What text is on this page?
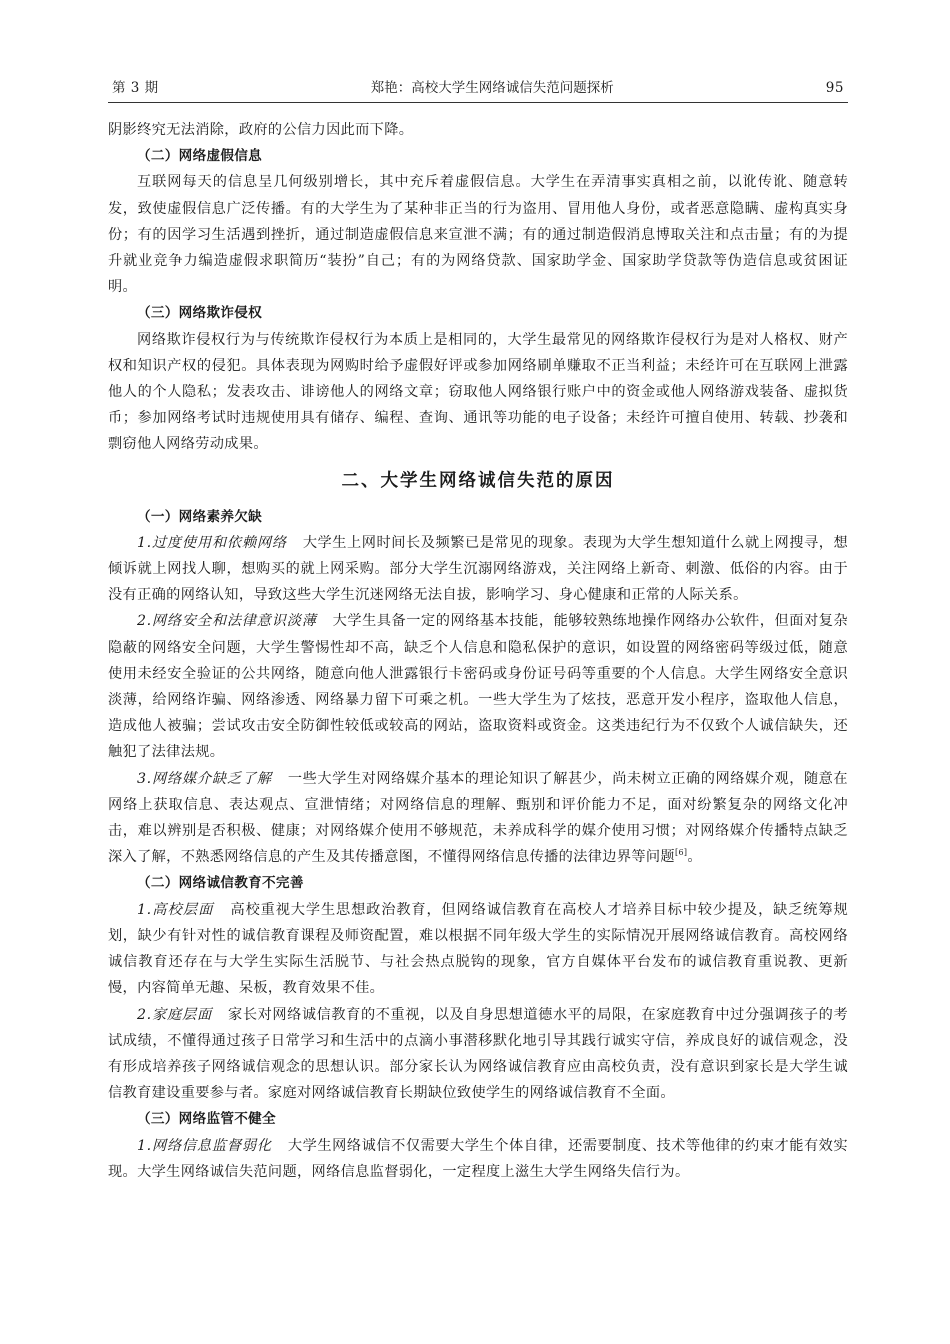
第 3 期	郑艳：高校大学生网络诚信失范问题探析	95

阴影终究无法消除，政府的公信力因此而下降。

（二）网络虚假信息

互联网每天的信息呈几何级别增长，其中充斥着虚假信息。大学生在弄清事实真相之前，以讹传讹、随意转发，致使虚假信息广泛传播。有的大学生为了某种非正当的行为盗用、冒用他人身份，或者恶意隐瞒、虚构真实身份；有的因学习生活遇到挫折，通过制造虚假信息来宣泄不满；有的通过制造假消息博取关注和点击量；有的为提升就业竞争力编造虚假求职简历“装扮”自己；有的为网络贷款、国家助学金、国家助学贷款等伪造信息或贫困证明。

（三）网络欺诈侵权

网络欺诈侵权行为与传统欺诈侵权行为本质上是相同的，大学生最常见的网络欺诈侵权行为是对人格权、财产权和知识产权的侵犯。具体表现为网购时给予虚假好评或参加网络刷单赚取不正当利益；未经许可在互联网上泄露他人的个人隐私；发表攻击、诽谤他人的网络文章；窃取他人网络银行账户中的资金或他人网络游戏装备、虚拟货币；参加网络考试时违规使用具有储存、编程、查询、通讯等功能的电子设备；未经许可擅自使用、转载、抄袭和剽窃他人网络劳动成果。

二、大学生网络诚信失范的原因
（一）网络素养欠缺

1.过度使用和依赖网络 大学生上网时间长及频繁已是常见的现象。表现为大学生想知道什么就上网搜寻，想倾诉就上网找人聊，想购买的就上网采购。部分大学生沉溺网络游戏，关注网络上新奇、刺激、低俗的内容。由于没有正确的网络认知，导致这些大学生沉迷网络无法自拔，影响学习、身心健康和正常的人际关系。

2.网络安全和法律意识淡薄 大学生具备一定的网络基本技能，能够较熟练地操作网络办公软件，但面对复杂隐蔽的网络安全问题，大学生警惕性却不高，缺乏个人信息和隐私保护的意识，如设置的网络密码等级过低，随意使用未经安全验证的公共网络，随意向他人泄露银行卡密码或身份证号码等重要的个人信息。大学生网络安全意识淡薄，给网络诈骗、网络渗透、网络暴力留下可乘之机。一些大学生为了炫技，恶意开发小程序，盗取他人信息，造成他人被骗；尝试攻击安全防御性较低或较高的网站，盗取资料或资金。这类违纪行为不仅致个人诚信缺失，还触犯了法律法规。

3.网络媒介缺乏了解 一些大学生对网络媒介基本的理论知识了解甚少，尚未树立正确的网络媒介观，随意在网络上获取信息、表达观点、宣泄情绪；对网络信息的理解、甄别和评价能力不足，面对纷繁复杂的网络文化冲击，难以辨别是否积极、健康；对网络媒介使用不够规范，未养成科学的媒介使用习惯；对网络媒介传播特点缺乏深入了解，不熟悉网络信息的产生及其传播意图，不懂得网络信息传播的法律边界等问题[6]。

（二）网络诚信教育不完善

1.高校层面 高校重视大学生思想政治教育，但网络诚信教育在高校人才培养目标中较少提及，缺乏统筹规划，缺少有针对性的诚信教育课程及师资配置，难以根据不同年级大学生的实际情况开展网络诚信教育。高校网络诚信教育还存在与大学生实际生活脱节、与社会热点脱钩的现象，官方自媒体平台发布的诚信教育重说教、更新慢，内容简单无趣、呆板，教育效果不佳。

2.家庭层面 家长对网络诚信教育的不重视，以及自身思想道德水平的局限，在家庭教育中过分强调孩子的考试成绩，不懂得通过孩子日常学习和生活中的点滴小事潜移默化地引导其践行诚实守信，养成良好的诚信观念，没有形成培养孩子网络诚信观念的思想认识。部分家长认为网络诚信教育应由高校负责，没有意识到家长是大学生诚信教育建设重要参与者。家庭对网络诚信教育长期缺位致使学生的网络诚信教育不全面。

（三）网络监管不健全

1.网络信息监督弱化 大学生网络诚信不仅需要大学生个体自律，还需要制度、技术等他律的约束才能有效实现。大学生网络诚信失范问题，网络信息监督弱化，一定程度上滋生大学生网络失信行为。
